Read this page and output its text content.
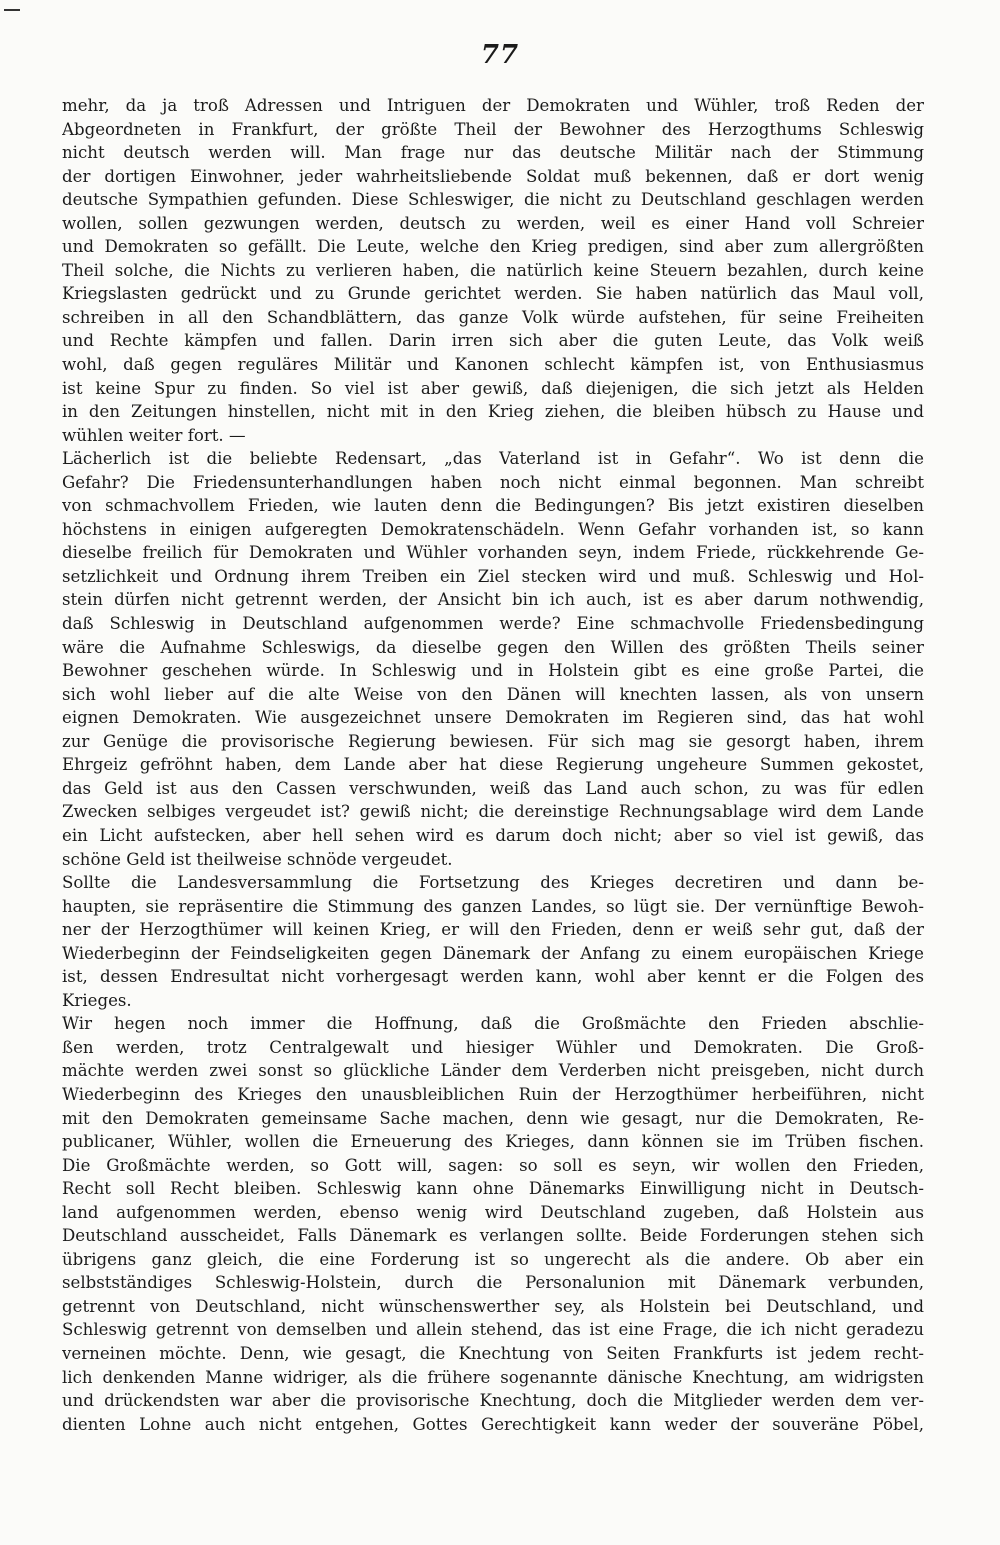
77
mehr, da ja troß Adressen und Intriguen der Demokraten und Wühler, troß Reden der
Abgeordneten in Frankfurt, der größte Theil der Bewohner des Herzogthums Schleswig
nicht deutsch werden will. Man frage nur das deutsche Militär nach der Stimmung
der dortigen Einwohner, jeder wahrheitsliebende Soldat muß bekennen, daß er dort wenig
deutsche Sympathien gefunden. Diese Schleswiger, die nicht zu Deutschland geschlagen werden
wollen, sollen gezwungen werden, deutsch zu werden, weil es einer Hand voll Schreier
und Demokraten so gefällt. Die Leute, welche den Krieg predigen, sind aber zum allergrößten
Theil solche, die Nichts zu verlieren haben, die natürlich keine Steuern bezahlen, durch keine
Kriegslasten gedrückt und zu Grunde gerichtet werden. Sie haben natürlich das Maul voll,
schreiben in all den Schandblättern, das ganze Volk würde aufstehen, für seine Freiheiten
und Rechte kämpfen und fallen. Darin irren sich aber die guten Leute, das Volk weiß
wohl, daß gegen reguläres Militär und Kanonen schlecht kämpfen ist, von Enthusiasmus
ist keine Spur zu finden. So viel ist aber gewiß, daß diejenigen, die sich jetzt als Helden
in den Zeitungen hinstellen, nicht mit in den Krieg ziehen, die bleiben hübsch zu Hause und
wühlen weiter fort. —
Lächerlich ist die beliebte Redensart, „das Vaterland ist in Gefahr“. Wo ist denn die
Gefahr? Die Friedensunterhandlungen haben noch nicht einmal begonnen. Man schreibt
von schmachvollem Frieden, wie lauten denn die Bedingungen? Bis jetzt existiren dieselben
höchstens in einigen aufgeregten Demokratenschädeln. Wenn Gefahr vorhanden ist, so kann
dieselbe freilich für Demokraten und Wühler vorhanden seyn, indem Friede, rückkehrende Ge-
setzlichkeit und Ordnung ihrem Treiben ein Ziel stecken wird und muß. Schleswig und Hol-
stein dürfen nicht getrennt werden, der Ansicht bin ich auch, ist es aber darum nothwendig,
daß Schleswig in Deutschland aufgenommen werde? Eine schmachvolle Friedensbedingung
wäre die Aufnahme Schleswigs, da dieselbe gegen den Willen des größten Theils seiner
Bewohner geschehen würde. In Schleswig und in Holstein gibt es eine große Partei, die
sich wohl lieber auf die alte Weise von den Dänen will knechten lassen, als von unsern
eignen Demokraten. Wie ausgezeichnet unsere Demokraten im Regieren sind, das hat wohl
zur Genüge die provisorische Regierung bewiesen. Für sich mag sie gesorgt haben, ihrem
Ehrgeiz gefröhnt haben, dem Lande aber hat diese Regierung ungeheure Summen gekostet,
das Geld ist aus den Cassen verschwunden, weiß das Land auch schon, zu was für edlen
Zwecken selbiges vergeudet ist? gewiß nicht; die dereinstige Rechnungsablage wird dem Lande
ein Licht aufstecken, aber hell sehen wird es darum doch nicht; aber so viel ist gewiß, das
schöne Geld ist theilweise schnöde vergeudet.
Sollte die Landesversammlung die Fortsetzung des Krieges decretiren und dann be-
haupten, sie repräsentire die Stimmung des ganzen Landes, so lügt sie. Der vernünftige Bewoh-
ner der Herzogthümer will keinen Krieg, er will den Frieden, denn er weiß sehr gut, daß der
Wiederbeginn der Feindseligkeiten gegen Dänemark der Anfang zu einem europäischen Kriege
ist, dessen Endresultat nicht vorhergesagt werden kann, wohl aber kennt er die Folgen des
Krieges.
Wir hegen noch immer die Hoffnung, daß die Großmächte den Frieden abschlie-
ßen werden, trotz Centralgewalt und hiesiger Wühler und Demokraten. Die Groß-
mächte werden zwei sonst so glückliche Länder dem Verderben nicht preisgeben, nicht durch
Wiederbeginn des Krieges den unausbleiblichen Ruin der Herzogthümer herbeiführen, nicht
mit den Demokraten gemeinsame Sache machen, denn wie gesagt, nur die Demokraten, Re-
publicaner, Wühler, wollen die Erneuerung des Krieges, dann können sie im Trüben fischen.
Die Großmächte werden, so Gott will, sagen: so soll es seyn, wir wollen den Frieden,
Recht soll Recht bleiben. Schleswig kann ohne Dänemarks Einwilligung nicht in Deutsch-
land aufgenommen werden, ebenso wenig wird Deutschland zugeben, daß Holstein aus
Deutschland ausscheidet, Falls Dänemark es verlangen sollte. Beide Forderungen stehen sich
übrigens ganz gleich, die eine Forderung ist so ungerecht als die andere. Ob aber ein
selbstständiges Schleswig-Holstein, durch die Personalunion mit Dänemark verbunden,
getrennt von Deutschland, nicht wünschenswerther sey, als Holstein bei Deutschland, und
Schleswig getrennt von demselben und allein stehend, das ist eine Frage, die ich nicht geradezu
verneinen möchte. Denn, wie gesagt, die Knechtung von Seiten Frankfurts ist jedem recht-
lich denkenden Manne widriger, als die frühere sogenannte dänische Knechtung, am widrigsten
und drückendsten war aber die provisorische Knechtung, doch die Mitglieder werden dem ver-
dienten Lohne auch nicht entgehen, Gottes Gerechtigkeit kann weder der souveräne Pöbel,
